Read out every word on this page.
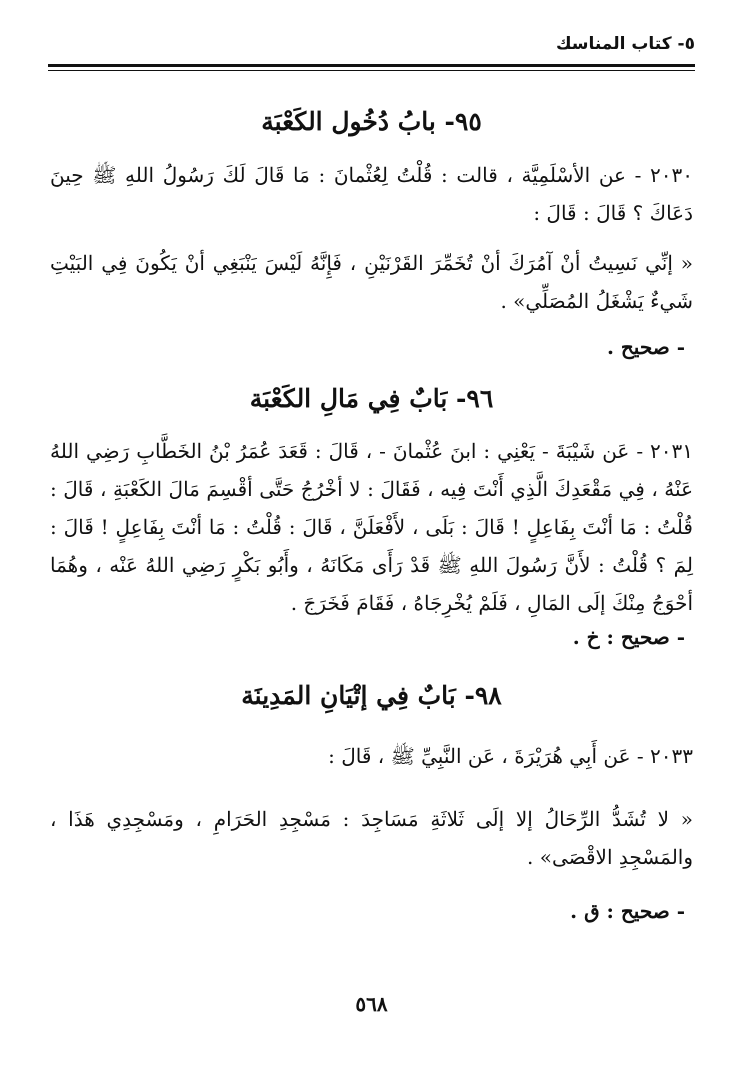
٥- كتاب المناسك
٩٥- بابُ دُخُول الكَعْبَة
٢٠٣٠ - عن الأسْلَمِيَّة ، قالت : قُلْتُ لِعُثْمانَ : مَا قَالَ لَكَ رَسُولُ اللهِ ﷺ حِينَ دَعَاكَ ؟ قَالَ : قَالَ :
« إنِّي نَسِيتُ أنْ آمُرَكَ أنْ تُخَمِّرَ القَرْنَيْنِ ، فَإِنَّهُ لَيْسَ يَنْبَغِي أنْ يَكُونَ فِي البَيْتِ شَيءٌ يَشْغَلُ المُصَلِّي» .
- صحيح .
٩٦- بَابٌ فِي مَالِ الكَعْبَة
٢٠٣١ - عَن شَيْبَةَ - يَعْنِي : ابنَ عُثْمانَ - ، قَالَ : قَعَدَ عُمَرُ بْنُ الخَطَّابِ رَضِي اللهُ عَنْهُ ، فِي مَقْعَدِكَ الَّذِي أَنْتَ فِيه ، فَقَالَ : لا أخْرُجُ حَتَّى أقْسِمَ مَالَ الكَعْبَةِ ، قَالَ : قُلْتُ : مَا أنْتَ بِفَاعِلٍ ! قَالَ : بَلَى ، لأَفْعَلَنَّ ، قَالَ : قُلْتُ : مَا أنْتَ بِفَاعِلٍ ! قَالَ : لِمَ ؟ قُلْتُ : لأَنَّ رَسُولَ اللهِ ﷺ قَدْ رَأَى مَكَانَهُ ، وأَبُو بَكْرٍ رَضِي اللهُ عَنْه ، وهُمَا أحْوَجُ مِنْكَ إلَى المَالِ ، فَلَمْ يُخْرِجَاهُ ، فَقَامَ فَخَرَجَ .
- صحيح : خ .
٩٨- بَابٌ فِي إتْيَانِ المَدِينَة
٢٠٣٣ - عَن أَبِي هُرَيْرَةَ ، عَن النَّبِيِّ ﷺ ، قَالَ :
« لا تُشَدُّ الرِّحَالُ إلا إلَى ثَلاثَةِ مَسَاجِدَ : مَسْجِدِ الحَرَامِ ، ومَسْجِدِي هَذَا ، والمَسْجِدِ الاقْصَى» .
- صحيح : ق .
٥٦٨
